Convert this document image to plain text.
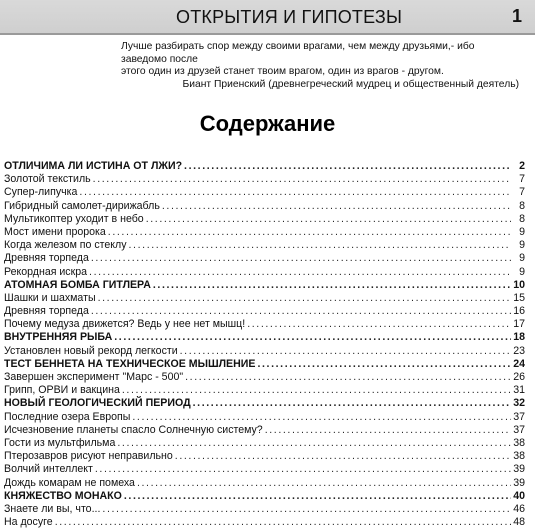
ОТКРЫТИЯ И ГИПОТЕЗЫ	1
Лучше разбирать спор между своими врагами, чем между друзьями,- ибо заведомо после
этого один из друзей станет твоим врагом, один из врагов - другом.
Биант Приенский (древнегреческий мудрец и общественный деятель)
Содержание
ОТЛИЧИМА ЛИ ИСТИНА ОТ ЛЖИ? .....	2
Золотой текстиль .....	7
Супер-липучка .....	7
Гибридный самолет-дирижабль .....	8
Мультикоптер уходит в небо .....	8
Мост имени пророка .....	9
Когда железом по стеклу .....	9
Древняя торпеда .....	9
Рекордная искра .....	9
АТОМНАЯ БОМБА ГИТЛЕРА .....	10
Шашки и шахматы .....	15
Древняя торпеда .....	16
Почему медуза движется? Ведь у нее нет мышц! .....	17
ВНУТРЕННЯЯ РЫБА .....	18
Установлен новый рекорд легкости .....	23
ТЕСТ БЕННЕТА НА ТЕХНИЧЕСКОЕ МЫШЛЕНИЕ .....	24
Завершен эксперимент "Марс - 500" .....	26
Грипп, ОРВИ и вакцина .....	31
НОВЫЙ ГЕОЛОГИЧЕСКИЙ ПЕРИОД .....	32
Последние озера Европы .....	37
Исчезновение планеты спасло Солнечную систему? .....	37
Гости из мультфильма .....	38
Птерозавров рисуют неправильно .....	38
Волчий интеллект .....	39
Дождь комарам не помеха .....	39
КНЯЖЕСТВО МОНАКО .....	40
Знаете ли вы, что... .....	46
На досуге .....	48
